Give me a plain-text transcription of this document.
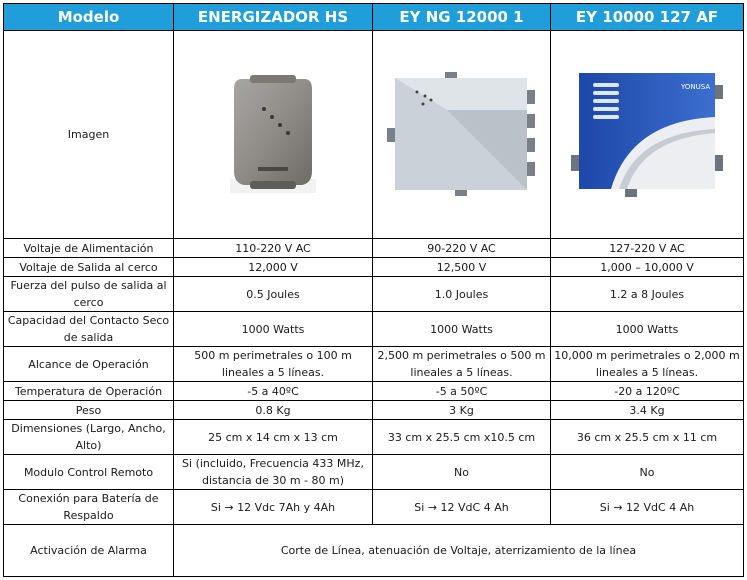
Modelo	ENERGIZADOR HS	EY NG 12000 1	EY 10000 127 AF
Imagen			YONUSA

Voltaje de Alimentación	110-220 V AC	90-220 V AC	127-220 V AC
Voltaje de Salida al cerco	12,000 V	12,500 V	1,000 – 10,000 V
Fuerza del pulso de salida al cerco	0.5 Joules	1.0 Joules	1.2 a 8 Joules
Capacidad del Contacto Seco de salida	1000 Watts	1000 Watts	1000 Watts
Alcance de Operación	500 m perimetrales o 100 m lineales a 5 líneas.	2,500 m perimetrales o 500 m lineales a 5 líneas.	10,000 m perimetrales o 2,000 m lineales a 5 líneas.
Temperatura de Operación	-5 a 40ºC	-5 a 50ºC	-20 a 120ºC
Peso	0.8 Kg	3 Kg	3.4 Kg
Dimensiones (Largo, Ancho, Alto)	25 cm x 14 cm x 13 cm	33 cm x 25.5 cm x10.5 cm	36 cm x 25.5 cm x 11 cm
Modulo Control Remoto	Si (incluido, Frecuencia 433 MHz, distancia de 30 m - 80 m)	No	No
Conexión para Batería de Respaldo	Si → 12 Vdc 7Ah y 4Ah	Si → 12 VdC 4 Ah	Si → 12 VdC 4 Ah
Activación de Alarma	Corte de Línea, atenuación de Voltaje, aterrizamiento de la línea		
